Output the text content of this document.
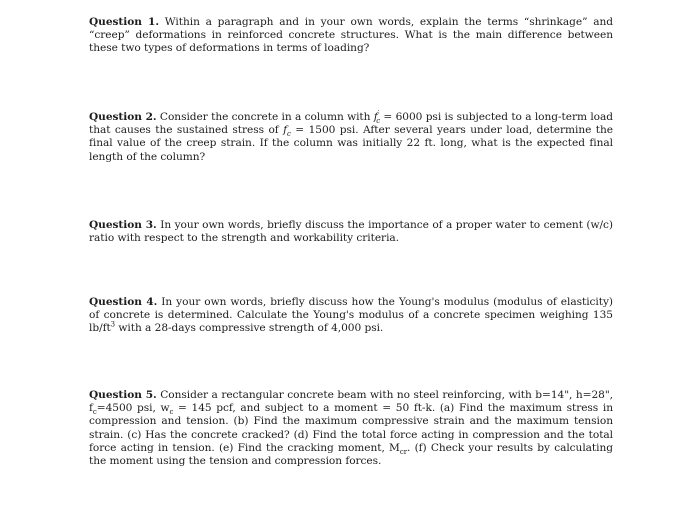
Question 1. Within a paragraph and in your own words, explain the terms “shrinkage” and “creep” deformations in reinforced concrete structures. What is the main difference between these two types of deformations in terms of loading?

Question 2. Consider the concrete in a column with $f'_c = 6000$ psi is subjected to a long-term load that causes the sustained stress of $f_c = 1500$ psi. After several years under load, determine the final value of the creep strain. If the column was initially 22 ft. long, what is the expected final length of the column?

Question 3. In your own words, briefly discuss the importance of a proper water to cement (w/c) ratio with respect to the strength and workability criteria.

Question 4. In your own words, briefly discuss how the Young's modulus (modulus of elasticity) of concrete is determined. Calculate the Young's modulus of a concrete specimen weighing 135 $lb/ft^3$ with a 28-days compressive strength of 4,000 psi.

Question 5. Consider a rectangular concrete beam with no steel reinforcing, with b=14", h=28", $f_c=4500$ psi, $w_c = 145$ pcf, and subject to a moment = 50 ft-k. (a) Find the maximum stress in compression and tension. (b) Find the maximum compressive strain and the maximum tension strain. (c) Has the concrete cracked? (d) Find the total force acting in compression and the total force acting in tension. (e) Find the cracking moment, $M_{cr}$. (f) Check your results by calculating the moment using the tension and compression forces.
